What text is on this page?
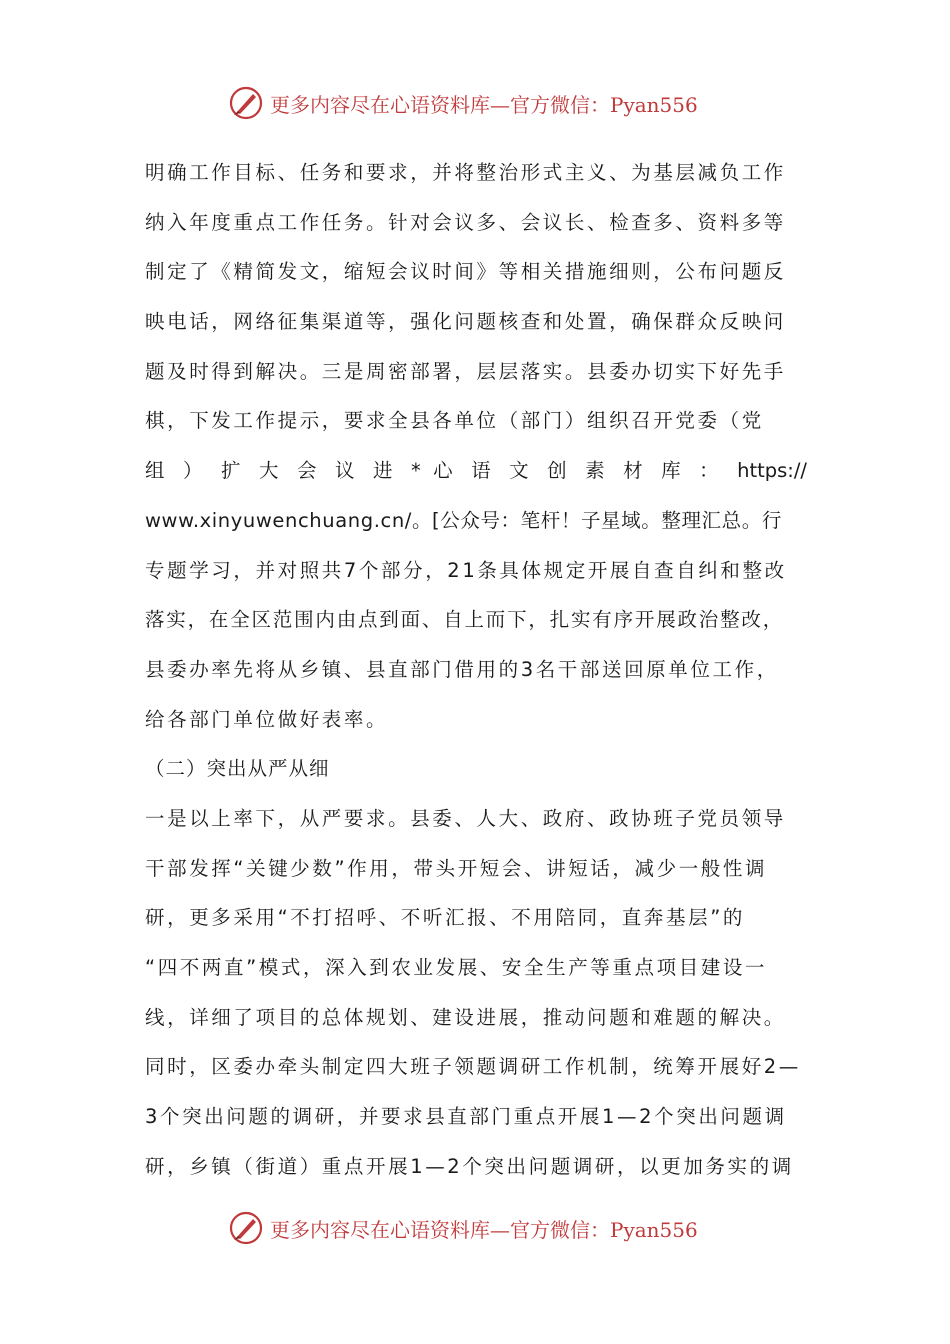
更多内容尽在心语资料库—官方微信：Pyan556
明确工作目标、任务和要求，并将整治形式主义、为基层减负工作
纳入年度重点工作任务。针对会议多、会议长、检查多、资料多等
制定了《精简发文，缩短会议时间》等相关措施细则，公布问题反
映电话，网络征集渠道等，强化问题核查和处置，确保群众反映问
题及时得到解决。三是周密部署，层层落实。县委办切实下好先手
棋，下发工作提示，要求全县各单位（部门）组织召开党委（党
组 ） 扩 大 会 议 进 * 心 语 文 创 素 材 库 ： https://
www.xinyuwenchuang.cn/。[公众号：笔杆！子星域。整理汇总。行
专题学习，并对照共7个部分，21条具体规定开展自查自纠和整改
落实，在全区范围内由点到面、自上而下，扎实有序开展政治整改，
县委办率先将从乡镇、县直部门借用的3名干部送回原单位工作，
给各部门单位做好表率。
（二）突出从严从细
一是以上率下，从严要求。县委、人大、政府、政协班子党员领导
干部发挥“关键少数”作用，带头开短会、讲短话，减少一般性调
研，更多采用“不打招呼、不听汇报、不用陪同，直奔基层”的
“四不两直”模式，深入到农业发展、安全生产等重点项目建设一
线，详细了项目的总体规划、建设进展，推动问题和难题的解决。
同时，区委办牵头制定四大班子领题调研工作机制，统筹开展好2—
3个突出问题的调研，并要求县直部门重点开展1—2个突出问题调
研，乡镇（街道）重点开展1—2个突出问题调研，以更加务实的调
更多内容尽在心语资料库—官方微信：Pyan556
